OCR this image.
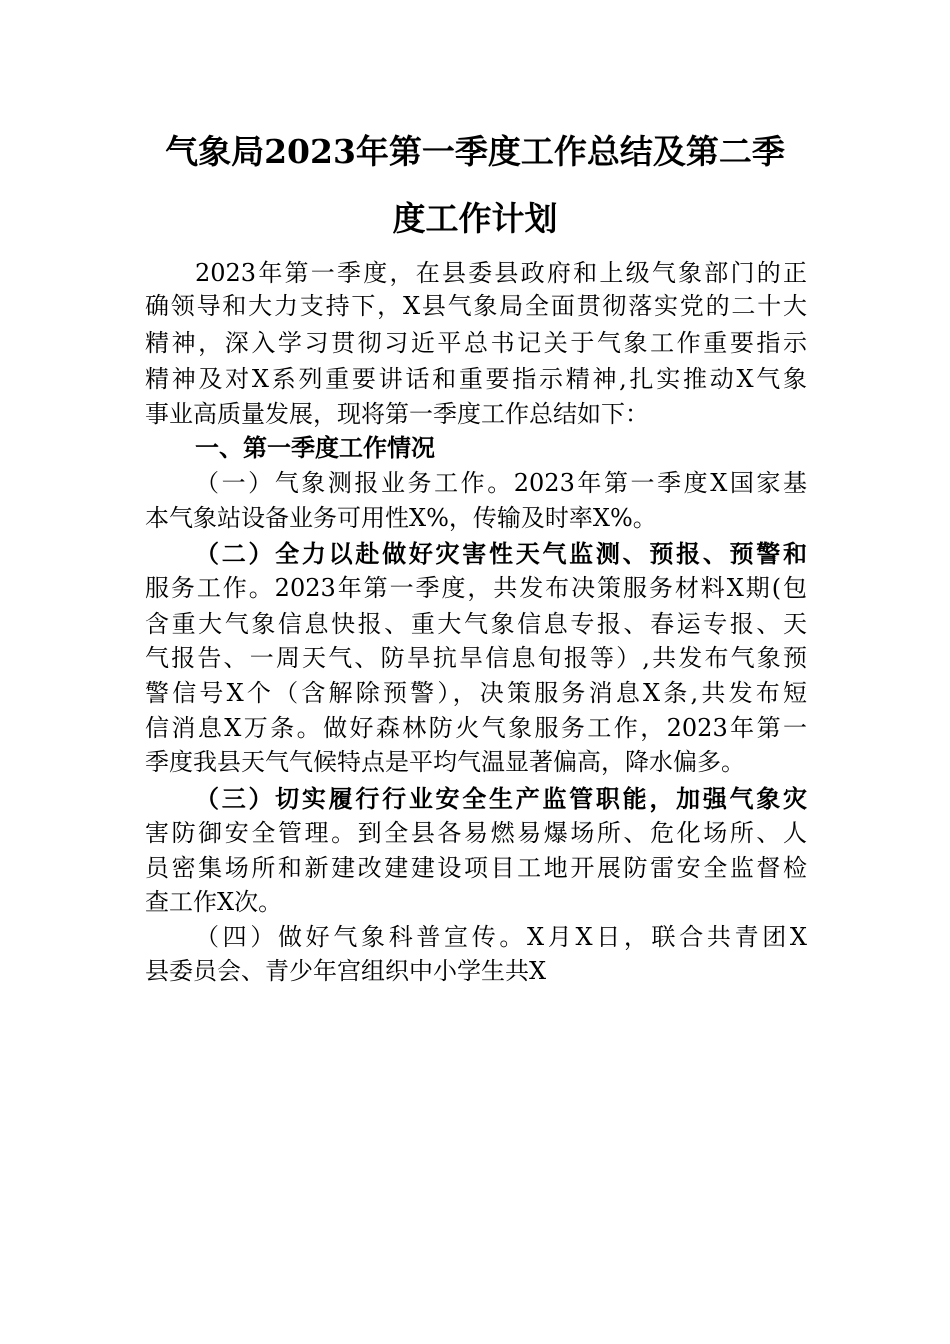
气象局2023年第一季度工作总结及第二季
度工作计划
2023年第一季度，在县委县政府和上级气象部门的正
确领导和大力支持下，X县气象局全面贯彻落实党的二十大
精神，深入学习贯彻习近平总书记关于气象工作重要指示
精神及对X系列重要讲话和重要指示精神,扎实推动X气象
事业高质量发展，现将第一季度工作总结如下：
一、第一季度工作情况
（一）气象测报业务工作。2023年第一季度X国家基
本气象站设备业务可用性X%，传输及时率X%。
（二）全力以赴做好灾害性天气监测、预报、预警和
服务工作。2023年第一季度，共发布决策服务材料X期(包
含重大气象信息快报、重大气象信息专报、春运专报、天
气报告、一周天气、防旱抗旱信息旬报等）,共发布气象预
警信号X个（含解除预警），决策服务消息X条,共发布短
信消息X万条。做好森林防火气象服务工作，2023年第一
季度我县天气气候特点是平均气温显著偏高，降水偏多。
（三）切实履行行业安全生产监管职能，加强气象灾
害防御安全管理。到全县各易燃易爆场所、危化场所、人
员密集场所和新建改建建设项目工地开展防雷安全监督检
查工作X次。
（四）做好气象科普宣传。X月X日，联合共青团X
县委员会、青少年宫组织中小学生共X
